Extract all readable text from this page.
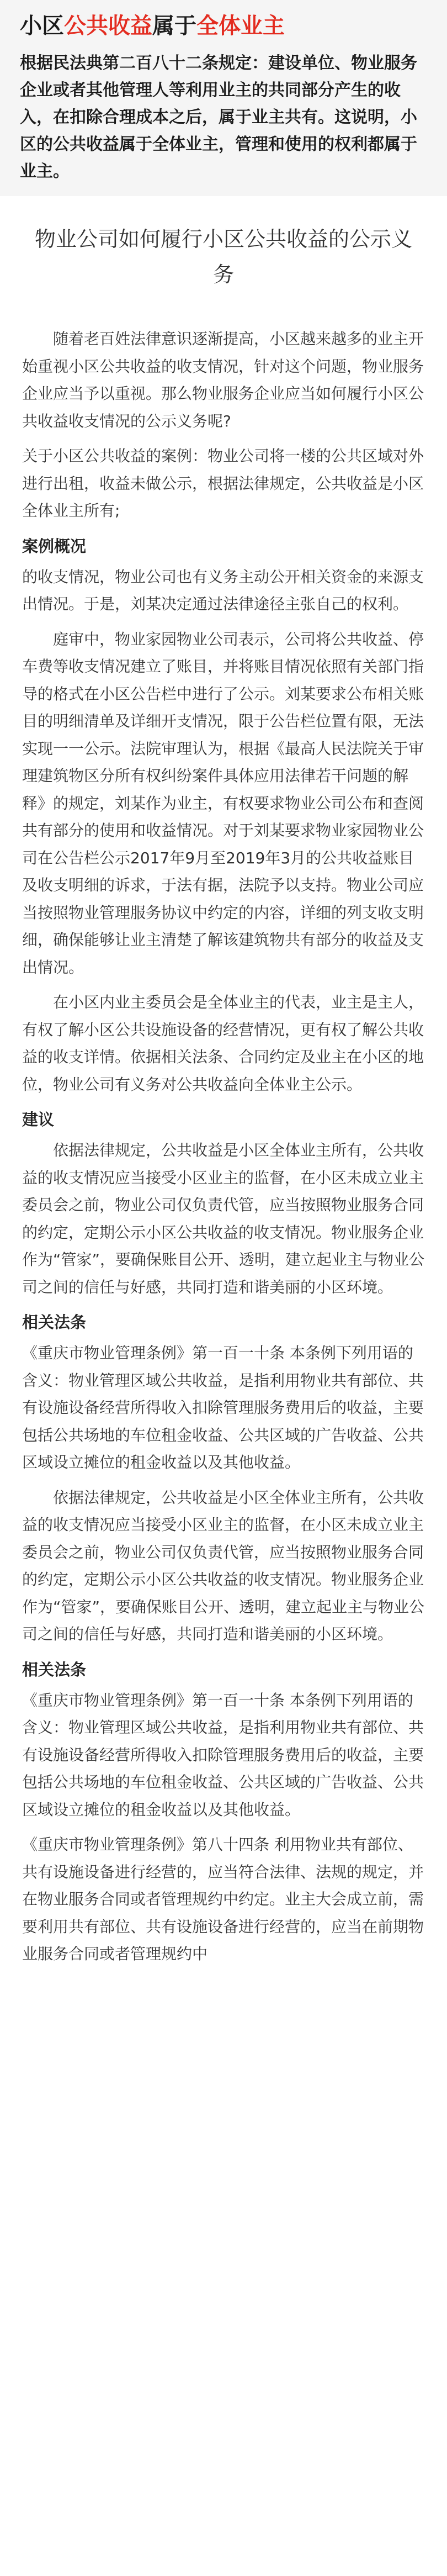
小区公共收益属于全体业主

根据民法典第二百八十二条规定：建设单位、物业服务企业或者其他管理人等利用业主的共同部分产生的收入，在扣除合理成本之后，属于业主共有。这说明，小区的公共收益属于全体业主，管理和使用的权利都属于业主。

物业公司如何履行小区公共收益的公示义务

随着老百姓法律意识逐渐提高，小区越来越多的业主开始重视小区公共收益的收支情况，针对这个问题，物业服务企业应当予以重视。那么物业服务企业应当如何履行小区公共收益收支情况的公示义务呢?

关于小区公共收益的案例：物业公司将一楼的公共区域对外进行出租，收益未做公示，根据法律规定，公共收益是小区全体业主所有;

案例概况

的收支情况，物业公司也有义务主动公开相关资金的来源支出情况。于是，刘某决定通过法律途径主张自己的权利。

庭审中，物业家园物业公司表示，公司将公共收益、停车费等收支情况建立了账目，并将账目情况依照有关部门指导的格式在小区公告栏中进行了公示。刘某要求公布相关账目的明细清单及详细开支情况，限于公告栏位置有限，无法实现一一公示。法院审理认为，根据《最高人民法院关于审理建筑物区分所有权纠纷案件具体应用法律若干问题的解释》的规定，刘某作为业主，有权要求物业公司公布和查阅共有部分的使用和收益情况。对于刘某要求物业家园物业公司在公告栏公示2017年9月至2019年3月的公共收益账目及收支明细的诉求，于法有据，法院予以支持。物业公司应当按照物业管理服务协议中约定的内容，详细的列支收支明细，确保能够让业主清楚了解该建筑物共有部分的收益及支出情况。

在小区内业主委员会是全体业主的代表，业主是主人，有权了解小区公共设施设备的经营情况，更有权了解公共收益的收支详情。依据相关法条、合同约定及业主在小区的地位，物业公司有义务对公共收益向全体业主公示。

建议

依据法律规定，公共收益是小区全体业主所有，公共收益的收支情况应当接受小区业主的监督，在小区未成立业主委员会之前，物业公司仅负责代管，应当按照物业服务合同的约定，定期公示小区公共收益的收支情况。物业服务企业作为“管家”，要确保账目公开、透明，建立起业主与物业公司之间的信任与好感，共同打造和谐美丽的小区环境。

相关法条

《重庆市物业管理条例》第一百一十条 本条例下列用语的含义：物业管理区域公共收益，是指利用物业共有部位、共有设施设备经营所得收入扣除管理服务费用后的收益，主要包括公共场地的车位租金收益、公共区域的广告收益、公共区域设立摊位的租金收益以及其他收益。

依据法律规定，公共收益是小区全体业主所有，公共收益的收支情况应当接受小区业主的监督，在小区未成立业主委员会之前，物业公司仅负责代管，应当按照物业服务合同的约定，定期公示小区公共收益的收支情况。物业服务企业作为“管家”，要确保账目公开、透明，建立起业主与物业公司之间的信任与好感，共同打造和谐美丽的小区环境。

相关法条

《重庆市物业管理条例》第一百一十条 本条例下列用语的含义：物业管理区域公共收益，是指利用物业共有部位、共有设施设备经营所得收入扣除管理服务费用后的收益，主要包括公共场地的车位租金收益、公共区域的广告收益、公共区域设立摊位的租金收益以及其他收益。

《重庆市物业管理条例》第八十四条 利用物业共有部位、共有设施设备进行经营的，应当符合法律、法规的规定，并在物业服务合同或者管理规约中约定。业主大会成立前，需要利用共有部位、共有设施设备进行经营的，应当在前期物业服务合同或者管理规约中
